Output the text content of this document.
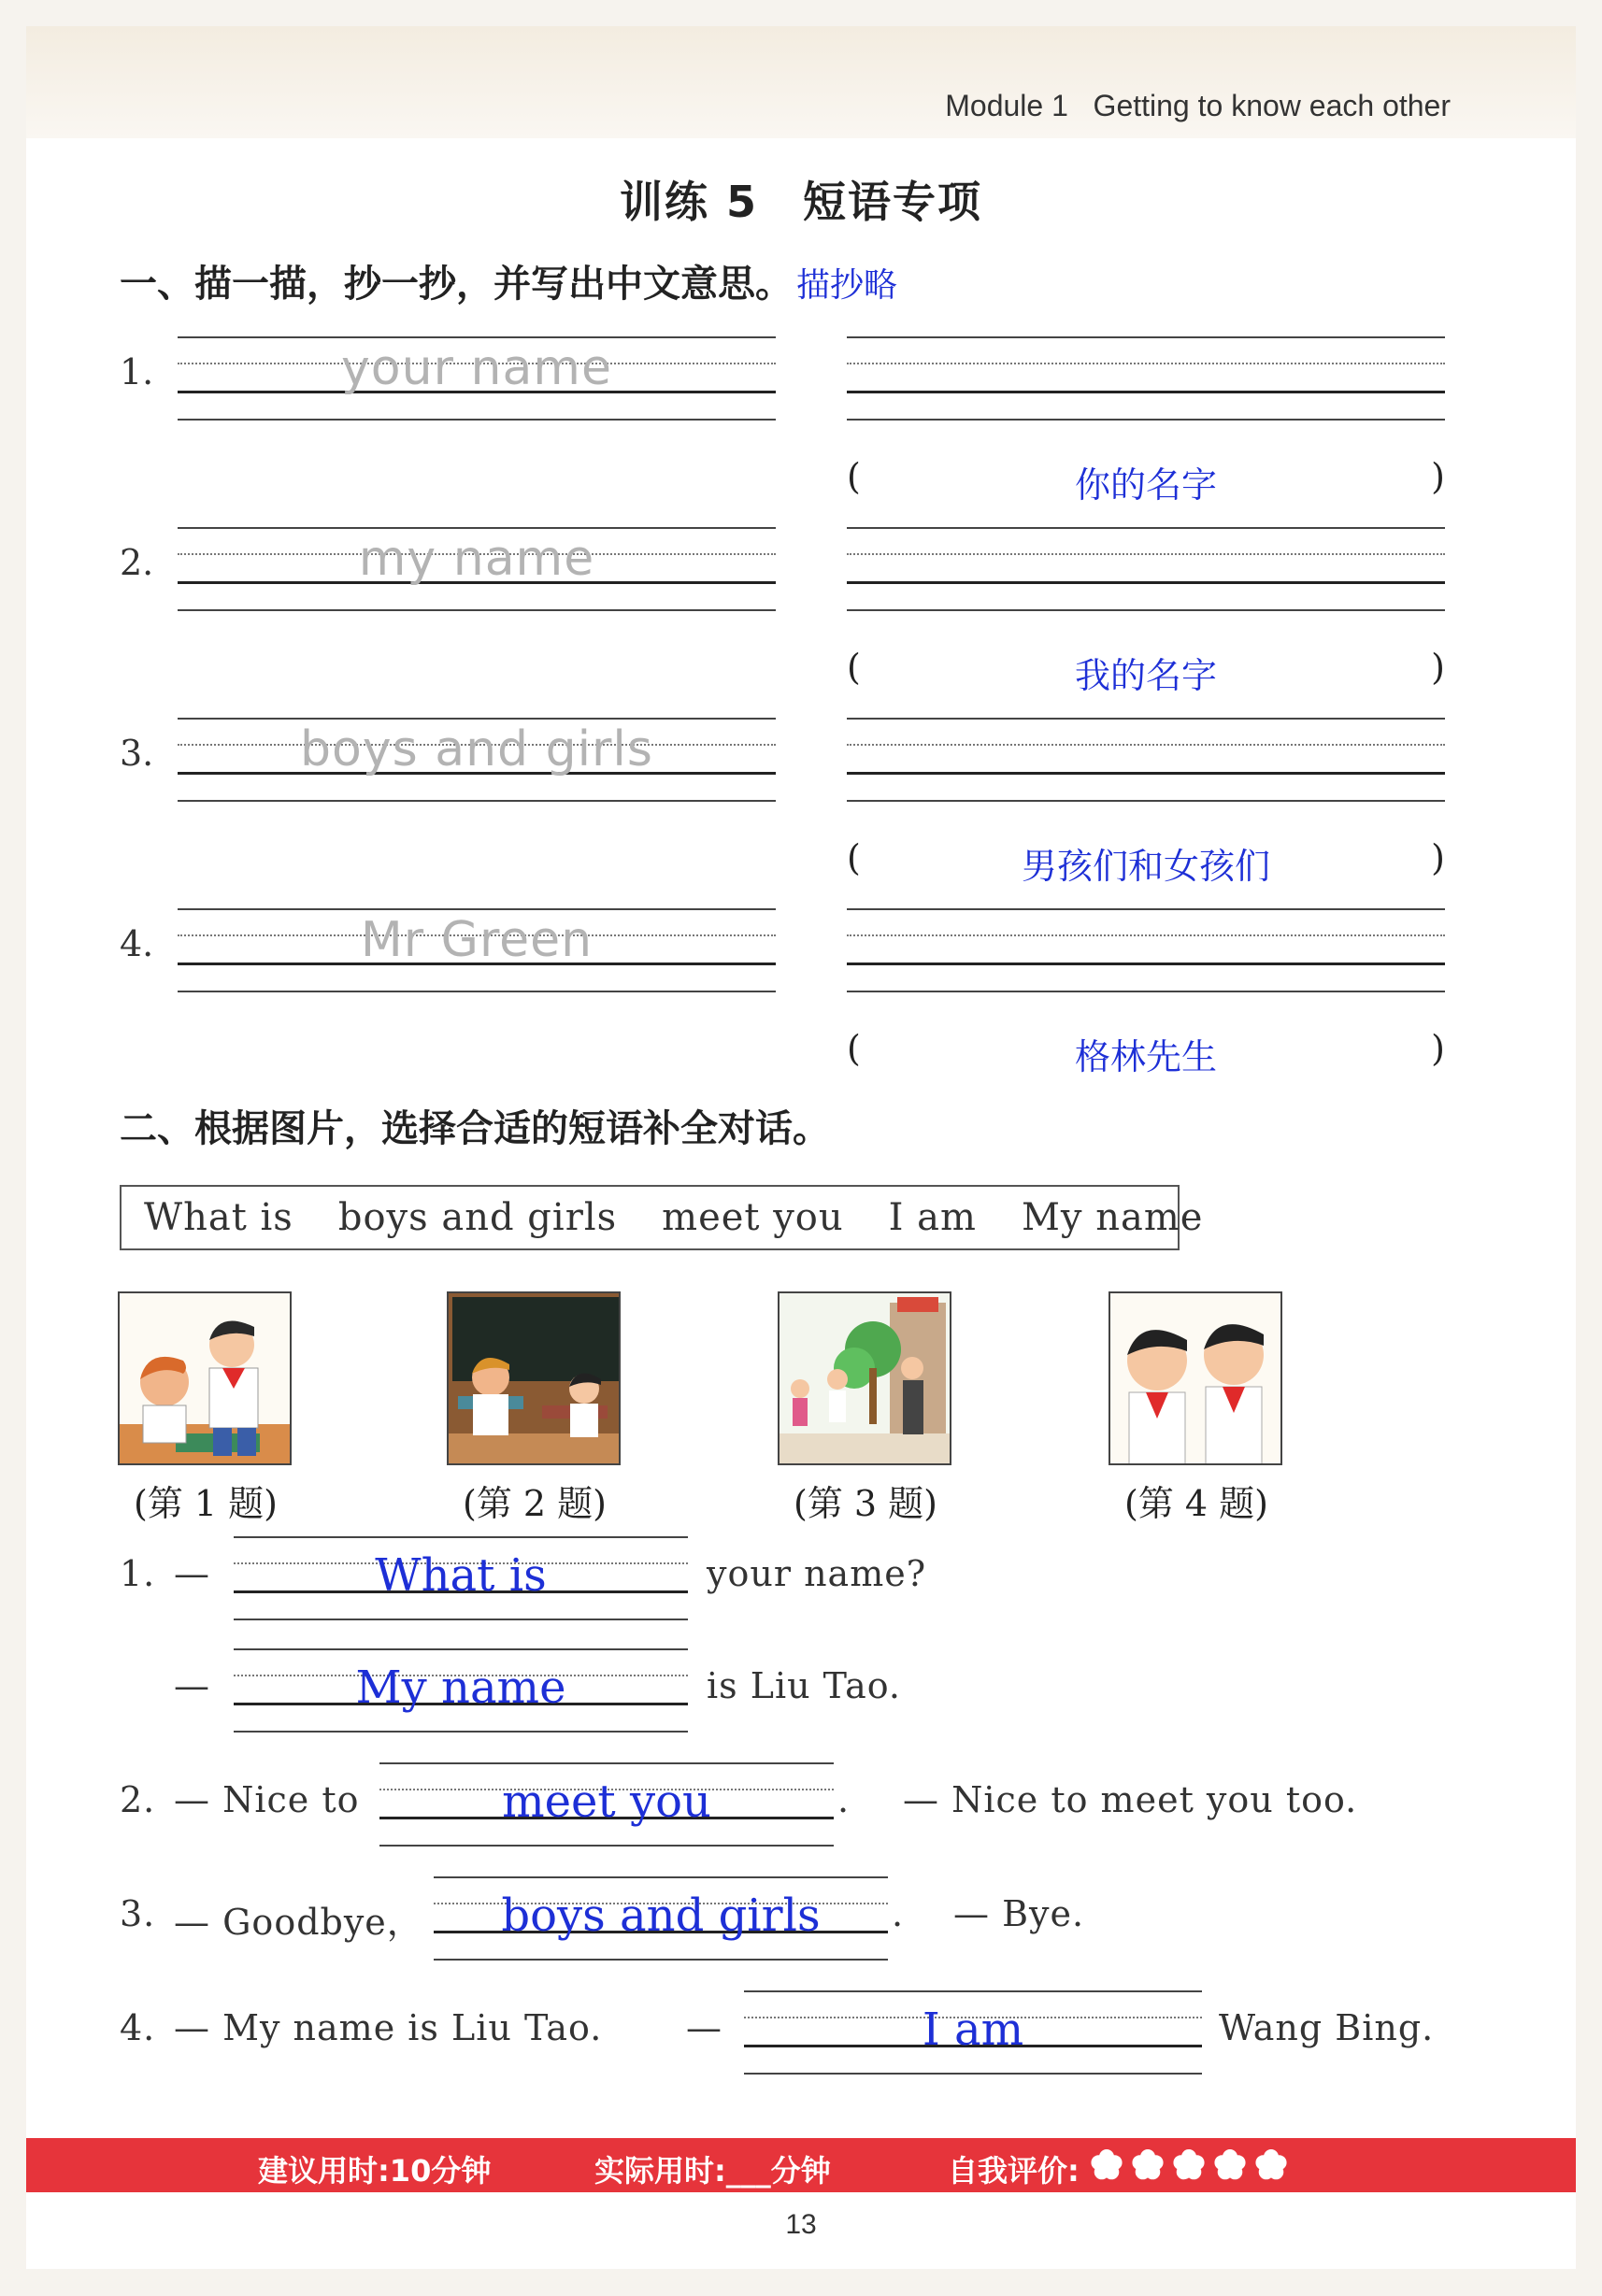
Module 1   Getting to know each other
训练 5　短语专项
一、描一描，抄一抄，并写出中文意思。 描抄略
1.	your name
(	你的名字	)
2.	my name
(	我的名字	)
3.	boys and girls
(	男孩们和女孩们	)
4.	Mr Green
(	格林先生	)
二、根据图片，选择合适的短语补全对话。
What is boys and girls meet you I am My name
(第 1 题)	(第 2 题)	(第 3 题)	(第 4 题)
1. —	What is	your name?
—	My name	is Liu Tao.
2. — Nice to	meet you	. — Nice to meet you too.
3. — Goodbye，	boys and girls	. — Bye.
4. — My name is Liu Tao. —	I am	Wang Bing.
建议用时:10分钟	实际用时:___分钟	自我评价:
13
